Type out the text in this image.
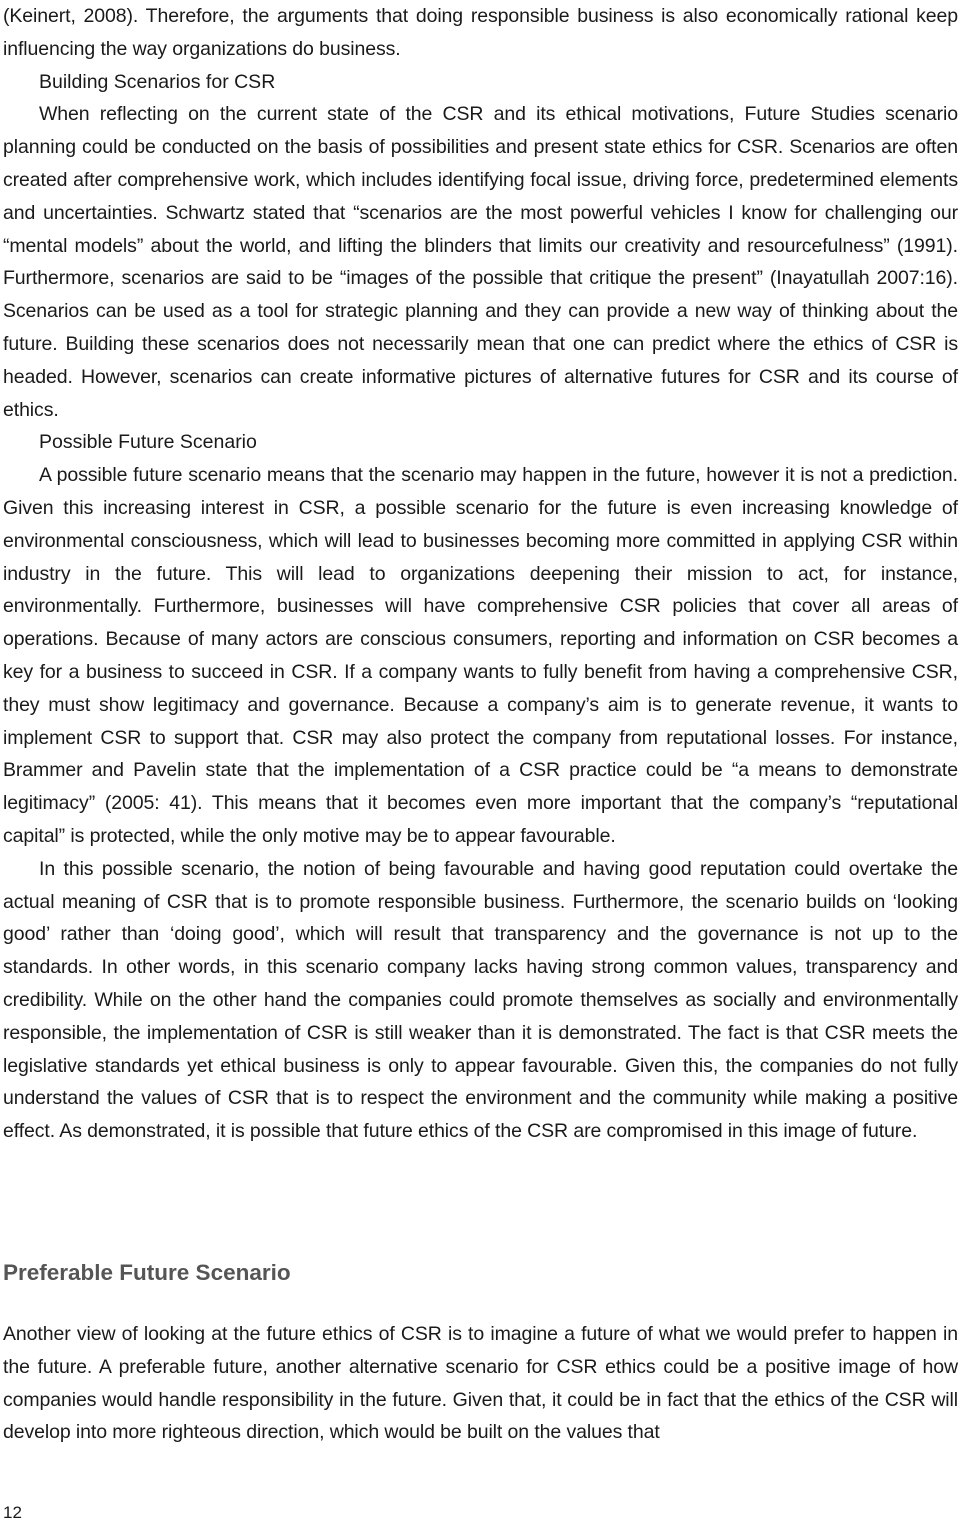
(Keinert, 2008). Therefore, the arguments that doing responsible business is also economically rational keep influencing the way organizations do business.

Building Scenarios for CSR

When reflecting on the current state of the CSR and its ethical motivations, Future Studies scenario planning could be conducted on the basis of possibilities and present state ethics for CSR. Scenarios are often created after comprehensive work, which includes identifying focal issue, driving force, predetermined elements and uncertainties. Schwartz stated that “scenarios are the most powerful vehicles I know for challenging our “mental models” about the world, and lifting the blinders that limits our creativity and resourcefulness” (1991). Furthermore, scenarios are said to be “images of the possible that critique the present” (Inayatullah 2007:16). Scenarios can be used as a tool for strategic planning and they can provide a new way of thinking about the future. Building these scenarios does not necessarily mean that one can predict where the ethics of CSR is headed. However, scenarios can create informative pictures of alternative futures for CSR and its course of ethics.

Possible Future Scenario

A possible future scenario means that the scenario may happen in the future, however it is not a prediction. Given this increasing interest in CSR, a possible scenario for the future is even increasing knowledge of environmental consciousness, which will lead to businesses becoming more committed in applying CSR within industry in the future. This will lead to organizations deepening their mission to act, for instance, environmentally. Furthermore, businesses will have comprehensive CSR policies that cover all areas of operations. Because of many actors are conscious consumers, reporting and information on CSR becomes a key for a business to succeed in CSR. If a company wants to fully benefit from having a comprehensive CSR, they must show legitimacy and governance. Because a company’s aim is to generate revenue, it wants to implement CSR to support that. CSR may also protect the company from reputational losses. For instance, Brammer and Pavelin state that the implementation of a CSR practice could be “a means to demonstrate legitimacy” (2005: 41). This means that it becomes even more important that the company’s “reputational capital” is protected, while the only motive may be to appear favourable.

In this possible scenario, the notion of being favourable and having good reputation could overtake the actual meaning of CSR that is to promote responsible business. Furthermore, the scenario builds on ‘looking good’ rather than ‘doing good’, which will result that transparency and the governance is not up to the standards. In other words, in this scenario company lacks having strong common values, transparency and credibility. While on the other hand the companies could promote themselves as socially and environmentally responsible, the implementation of CSR is still weaker than it is demonstrated. The fact is that CSR meets the legislative standards yet ethical business is only to appear favourable. Given this, the companies do not fully understand the values of CSR that is to respect the environment and the community while making a positive effect. As demonstrated, it is possible that future ethics of the CSR are compromised in this image of future.

Preferable Future Scenario

Another view of looking at the future ethics of CSR is to imagine a future of what we would prefer to happen in the future. A preferable future, another alternative scenario for CSR ethics could be a positive image of how companies would handle responsibility in the future. Given that, it could be in fact that the ethics of the CSR will develop into more righteous direction, which would be built on the values that

12
